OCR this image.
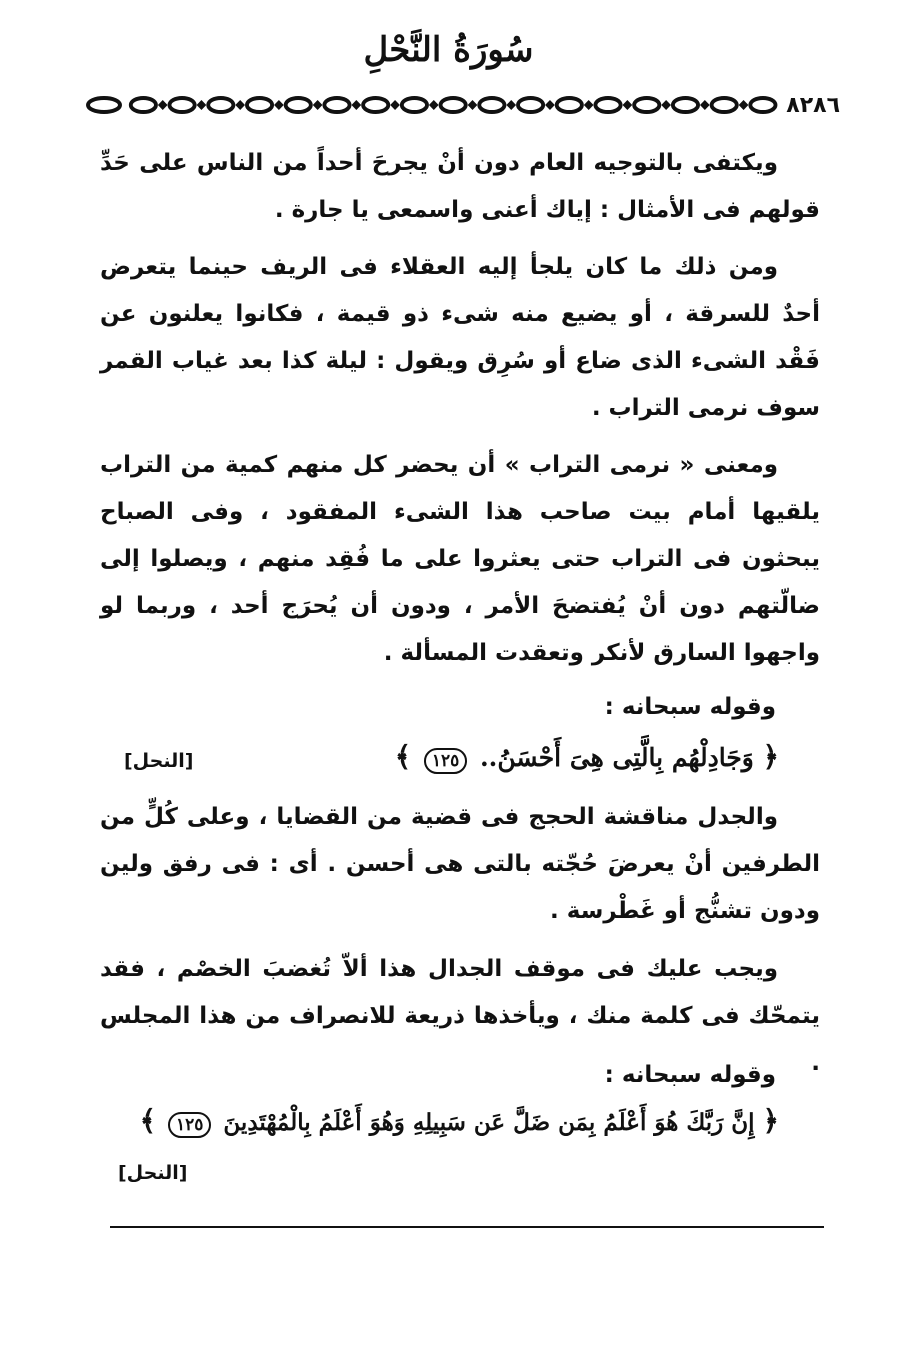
سُورَةُ النَّحْلِ
٨٢٨٦

ويكتفى بالتوجيه العام دون أنْ يجرحَ أحداً من الناس على حَدِّ قولهم فى الأمثال : إياك أعنى واسمعى يا جارة .

ومن ذلك ما كان يلجأ إليه العقلاء فى الريف حينما يتعرض أحدٌ للسرقة ، أو يضيع منه شىء ذو قيمة ، فكانوا يعلنون عن فَقْد الشىء الذى ضاع أو سُرِق ويقول : ليلة كذا بعد غياب القمر سوف نرمى التراب .

ومعنى « نرمى التراب » أن يحضر كل منهم كمية من التراب يلقيها أمام بيت صاحب هذا الشىء المفقود ، وفى الصباح يبحثون فى التراب حتى يعثروا على ما فُقِد منهم ، ويصلوا إلى ضالّتهم دون أنْ يُفتضحَ الأمر ، ودون أن يُحرَج أحد ، وربما لو واجهوا السارق لأنكر وتعقدت المسألة .

وقوله سبحانه :
﴿ وَجَادِلْهُم بِالَّتِى هِىَ أَحْسَنُ.. ١٢٥ ﴾
[النحل]

والجدل مناقشة الحجج فى قضية من القضايا ، وعلى كُلٍّ من الطرفين أنْ يعرضَ حُجّته بالتى هى أحسن . أى : فى رفق ولين ودون تشنُّج أو غَطْرسة .

ويجب عليك فى موقف الجدال هذا ألاّ تُغضبَ الخصْم ، فقد يتمحّك فى كلمة منك ، ويأخذها ذريعة للانصراف من هذا المجلس .

وقوله سبحانه :
﴿ إِنَّ رَبَّكَ هُوَ أَعْلَمُ بِمَن ضَلَّ عَن سَبِيلِهِ وَهُوَ أَعْلَمُ بِالْمُهْتَدِينَ ١٢٥ ﴾
[النحل]
